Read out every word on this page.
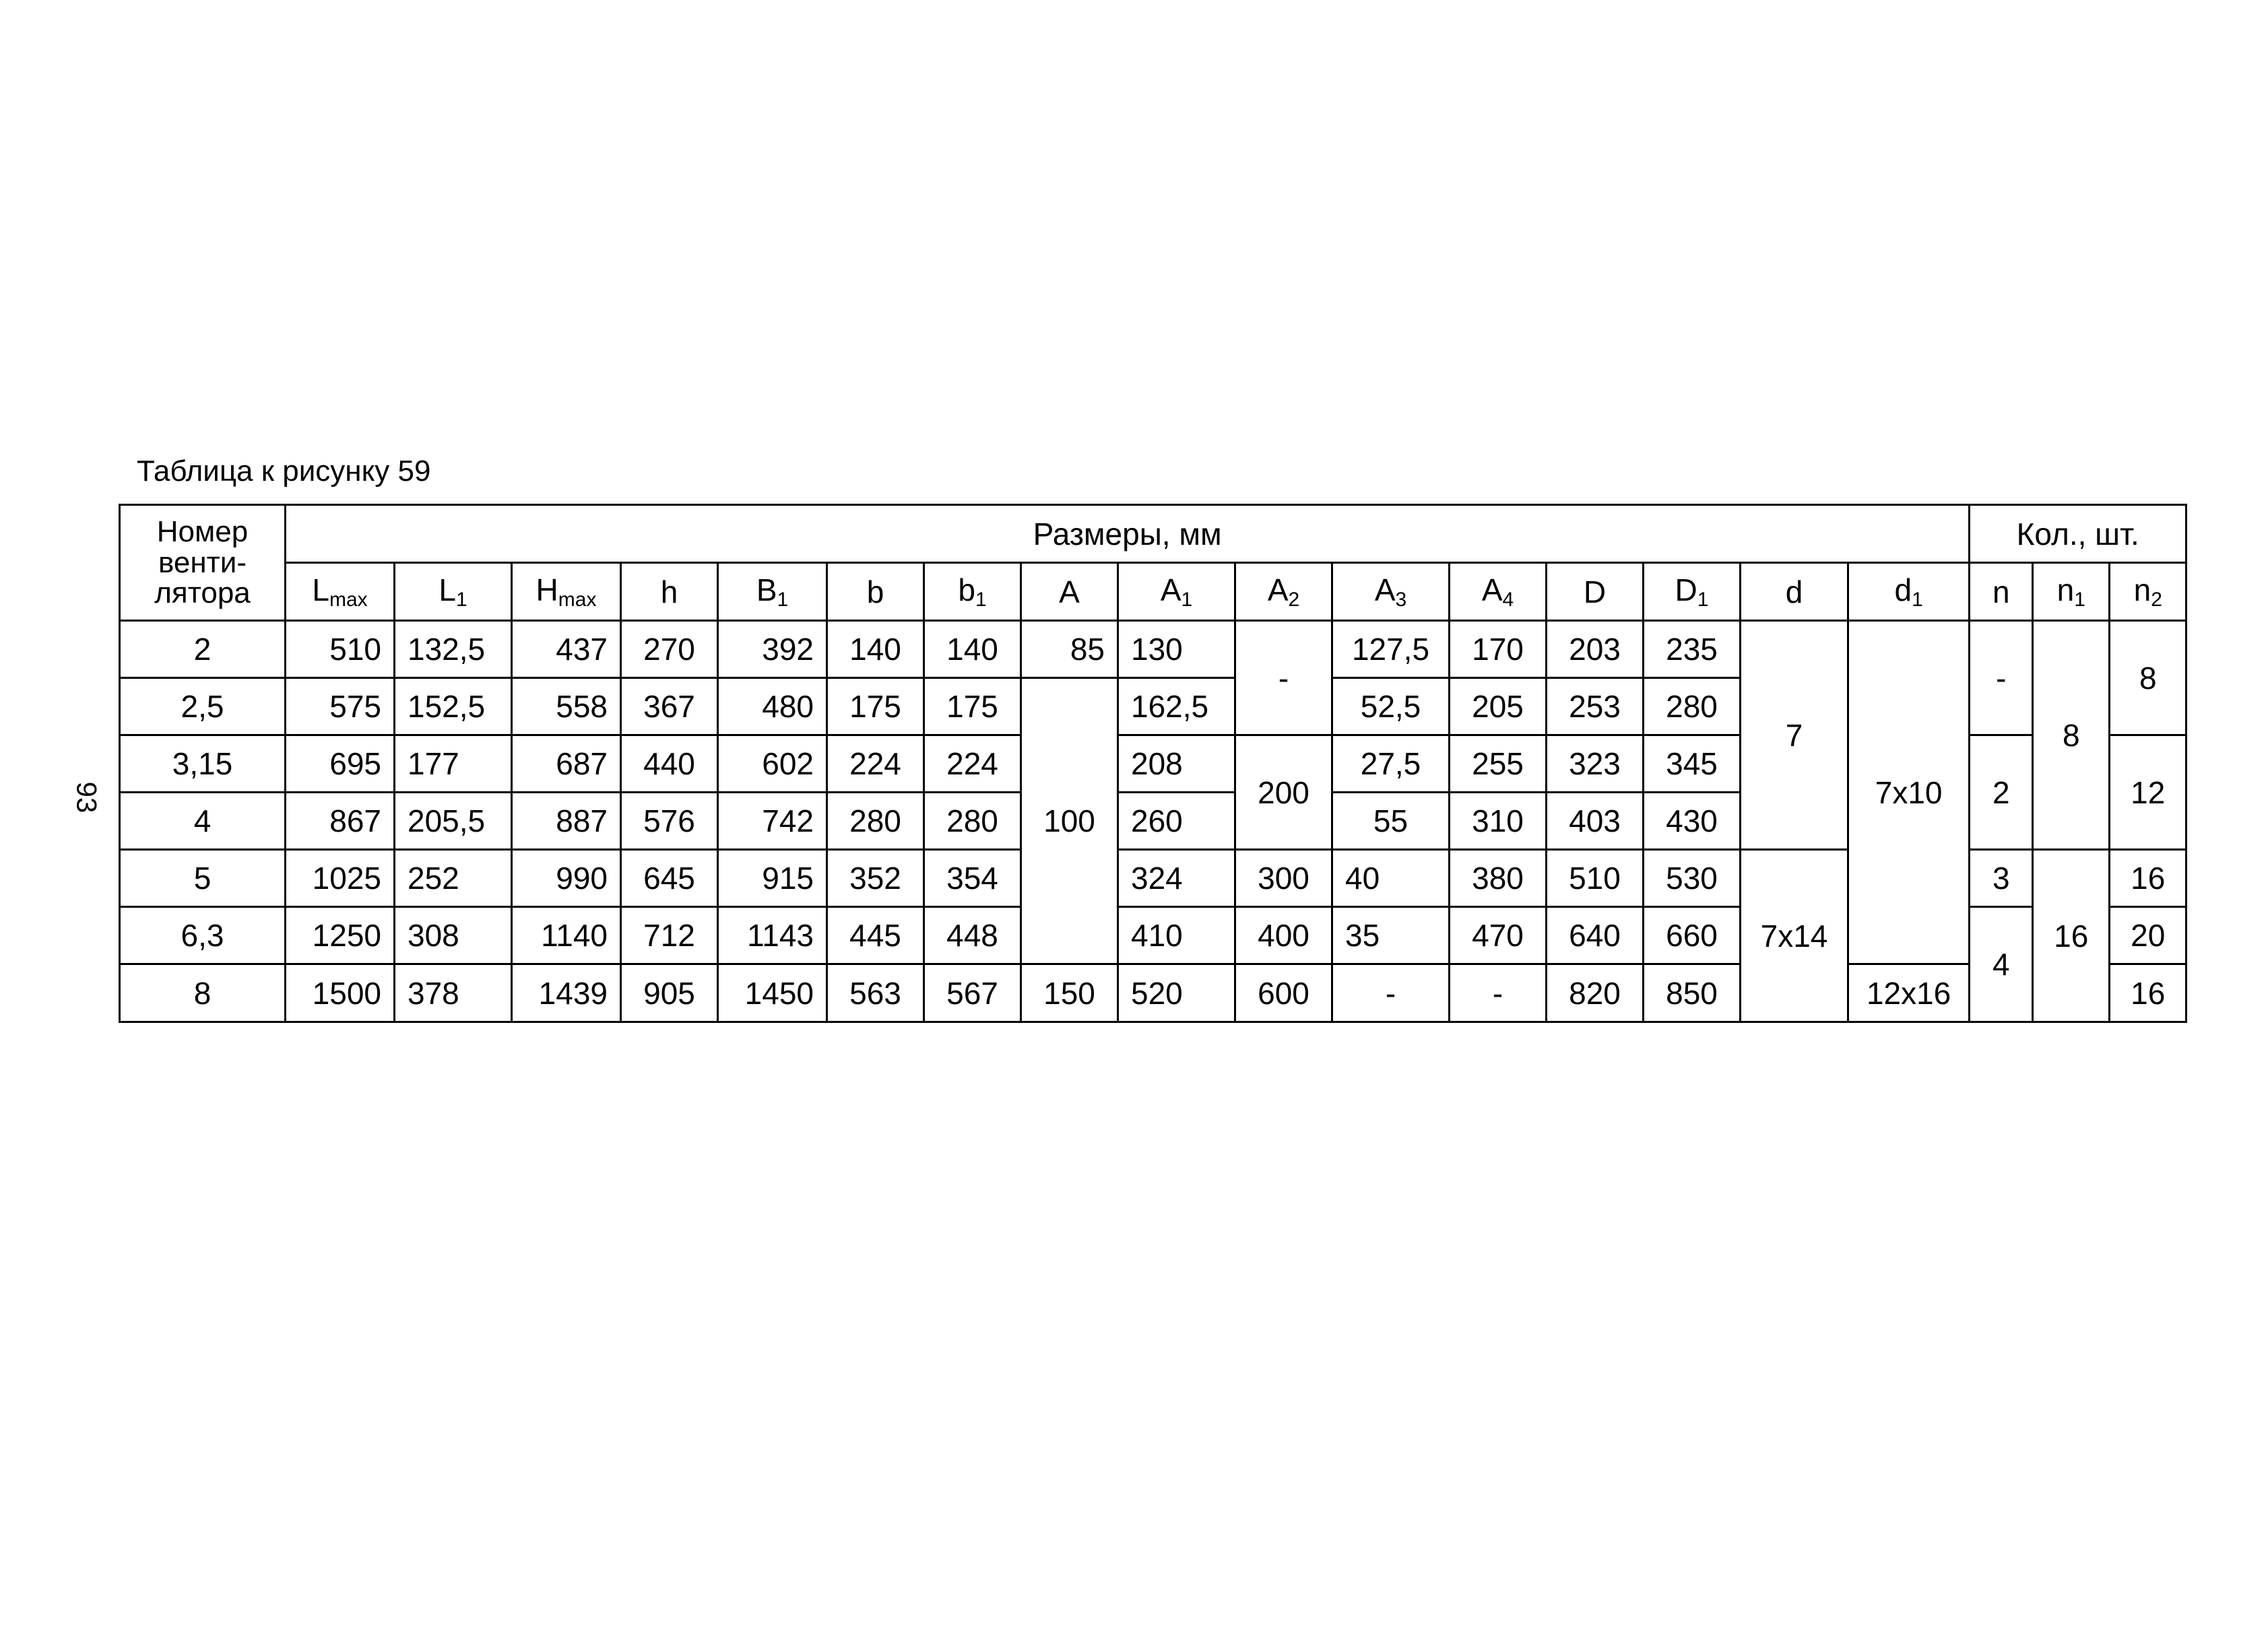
93
Таблица к рисунку 59
Номер
венти-
лятора	Размеры, мм																Кол., шт.		
	$L_{max}$	$L_1$	$H_{max}$	h	$B_1$	b	$b_1$	A	$A_1$	$A_2$	$A_3$	$A_4$	D	$D_1$	d	$d_1$	n	$n_1$	$n_2$
2	510	132,5	437	270	392	140	140	85	130	-	127,5	170	203	235	7	7x10	-	8	8
2,5	575	152,5	558	367	480	175	175	100	162,5		52,5	205	253	280					
3,15	695	177	687	440	602	224	224		208	200	27,5	255	323	345			2		12
4	867	205,5	887	576	742	280	280		260		55	310	403	430					
5	1025	252	990	645	915	352	354		324	300	40	380	510	530	7x14		3	16	16
6,3	1250	308	1140	712	1143	445	448		410	400	35	470	640	660			4		20
8	1500	378	1439	905	1450	563	567	150	520	600	-	-	820	850		12x16			16
